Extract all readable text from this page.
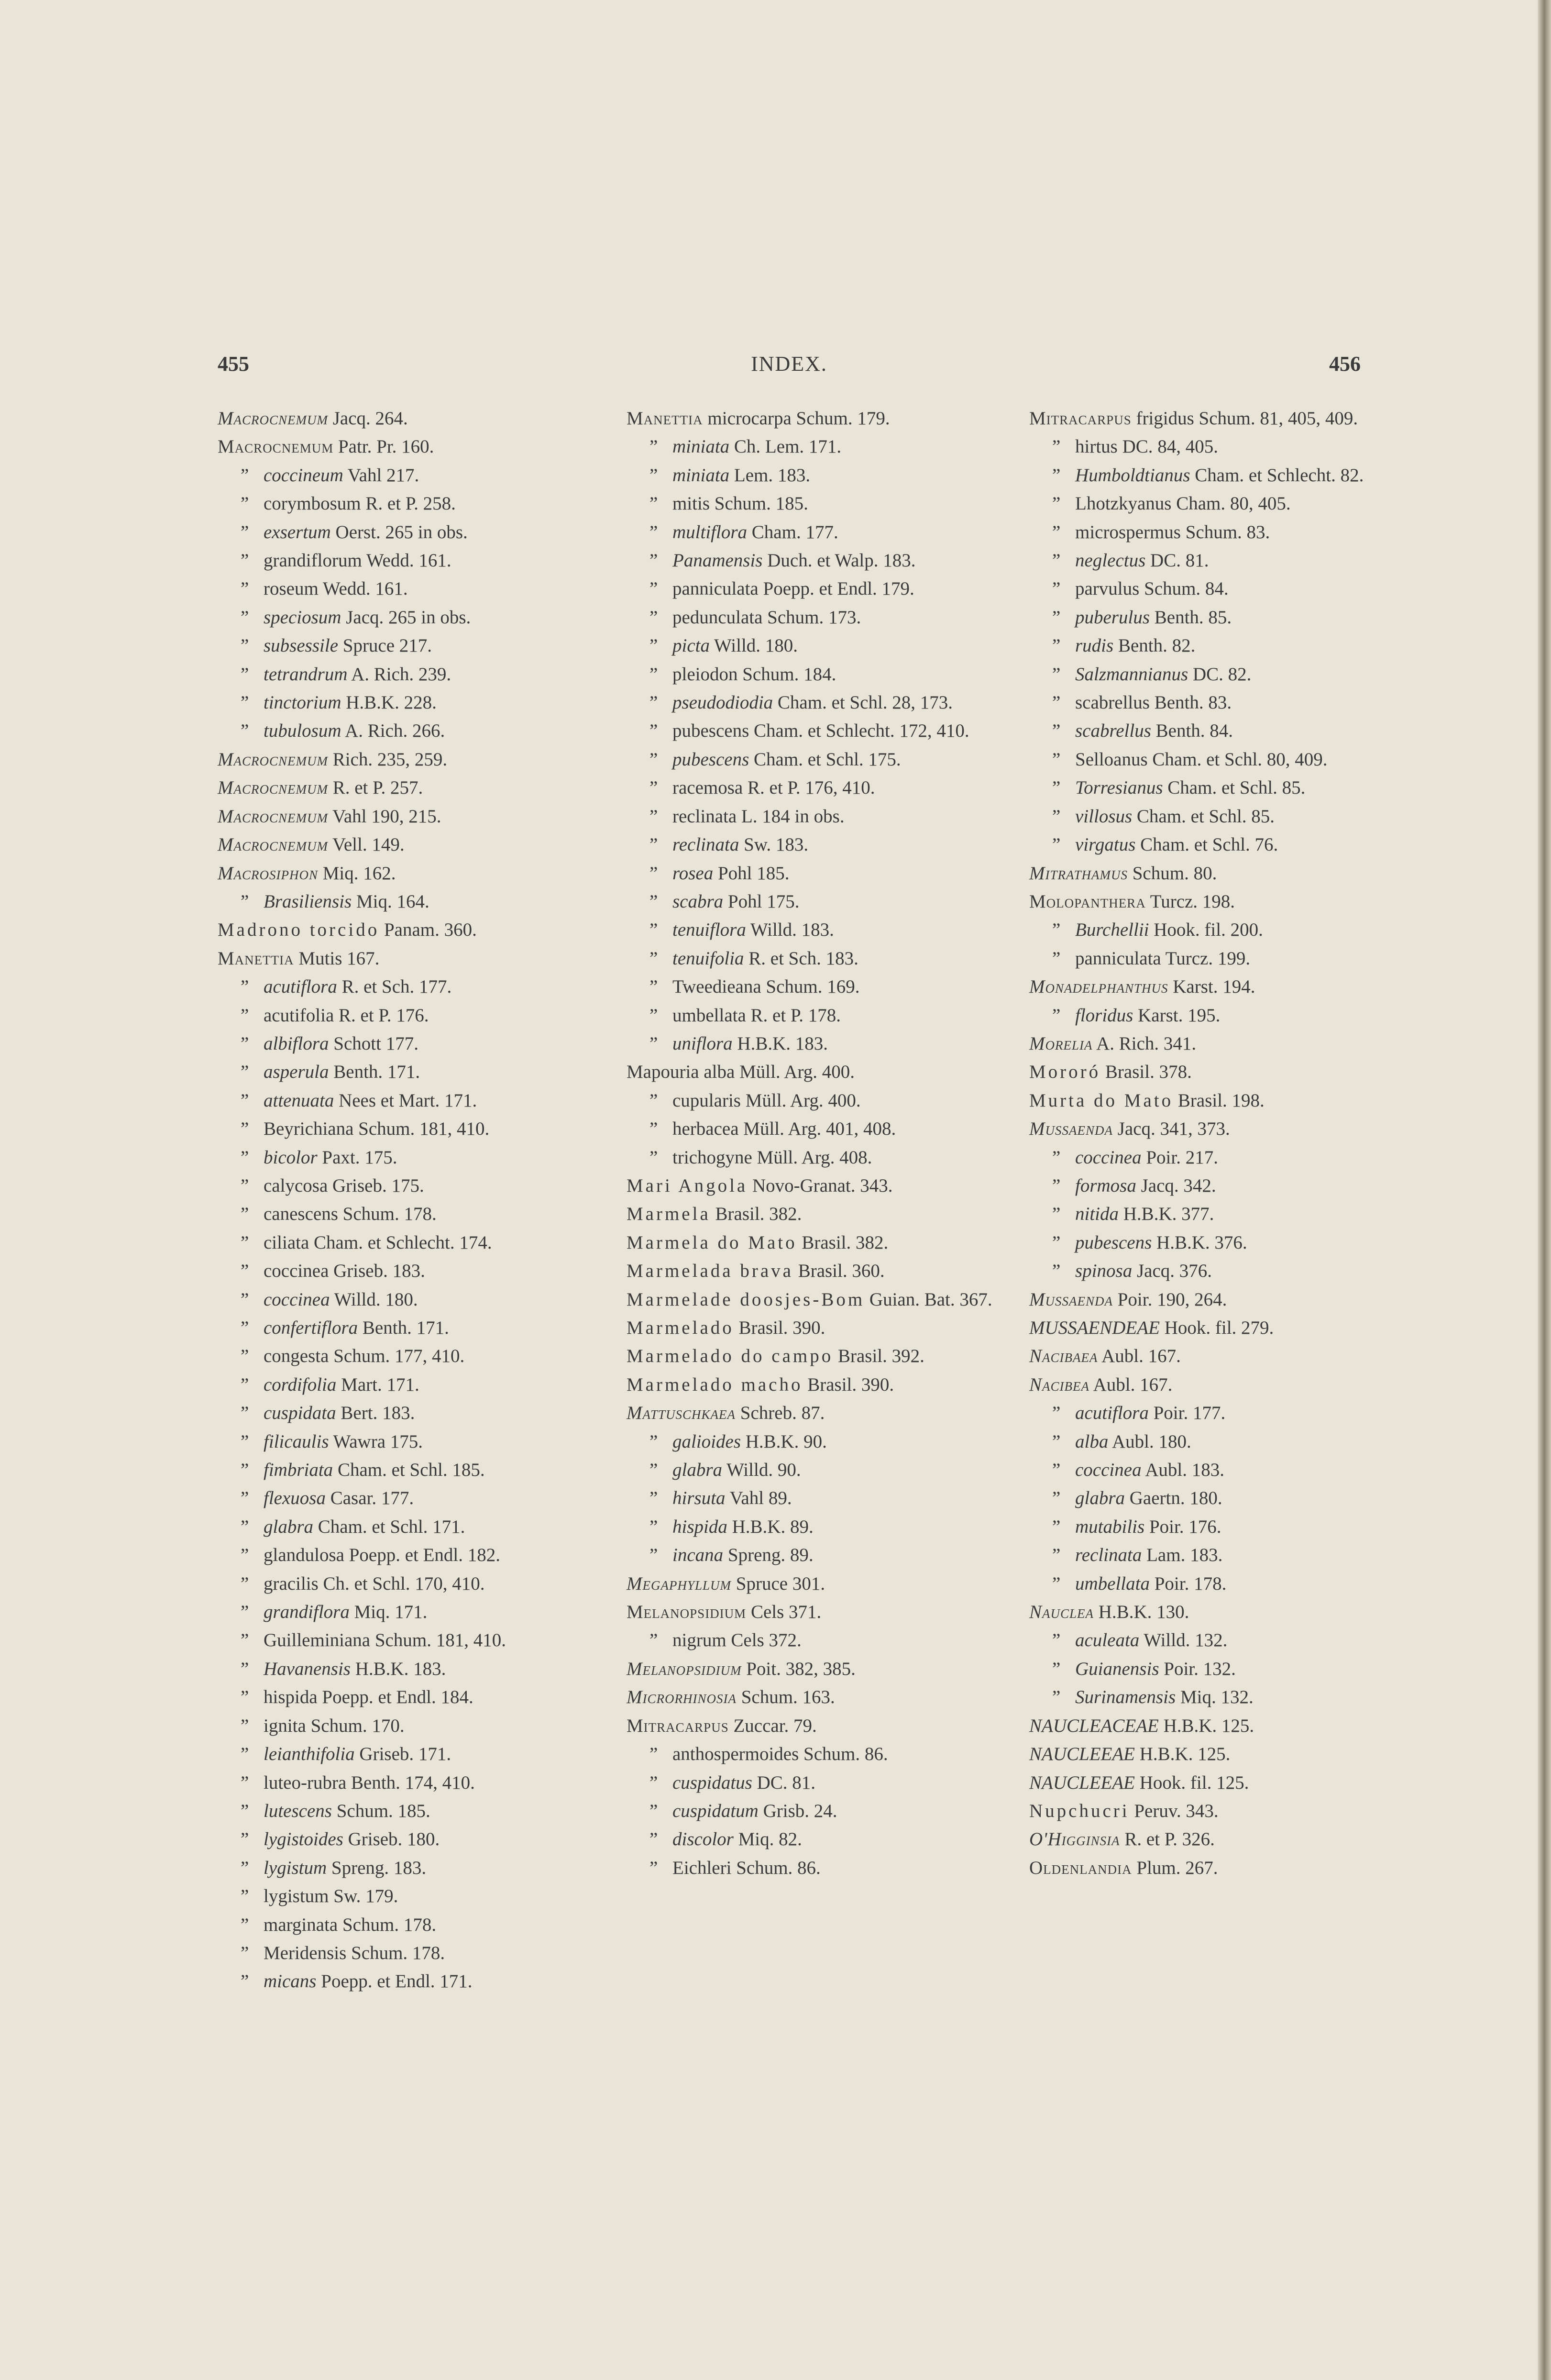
455	INDEX.	456
Macrocnemum Jacq. 264.
Macrocnemum Patr. Pr. 160.
” coccineum Vahl 217.
” corymbosum R. et P. 258.
” exsertum Oerst. 265 in obs.
” grandiflorum Wedd. 161.
” roseum Wedd. 161.
” speciosum Jacq. 265 in obs.
” subsessile Spruce 217.
” tetrandrum A. Rich. 239.
” tinctorium H.B.K. 228.
” tubulosum A. Rich. 266.
Macrocnemum Rich. 235, 259.
Macrocnemum R. et P. 257.
Macrocnemum Vahl 190, 215.
Macrocnemum Vell. 149.
Macrosiphon Miq. 162.
” Brasiliensis Miq. 164.
Madrono torcido Panam. 360.
Manettia Mutis 167.
” acutiflora R. et Sch. 177.
” acutifolia R. et P. 176.
” albiflora Schott 177.
” asperula Benth. 171.
” attenuata Nees et Mart. 171.
” Beyrichiana Schum. 181, 410.
” bicolor Paxt. 175.
” calycosa Griseb. 175.
” canescens Schum. 178.
” ciliata Cham. et Schlecht. 174.
” coccinea Griseb. 183.
” coccinea Willd. 180.
” confertiflora Benth. 171.
” congesta Schum. 177, 410.
” cordifolia Mart. 171.
” cuspidata Bert. 183.
” filicaulis Wawra 175.
” fimbriata Cham. et Schl. 185.
” flexuosa Casar. 177.
” glabra Cham. et Schl. 171.
” glandulosa Poepp. et Endl. 182.
” gracilis Ch. et Schl. 170, 410.
” grandiflora Miq. 171.
” Guilleminiana Schum. 181, 410.
” Havanensis H.B.K. 183.
” hispida Poepp. et Endl. 184.
” ignita Schum. 170.
” leianthifolia Griseb. 171.
” luteo-rubra Benth. 174, 410.
” lutescens Schum. 185.
” lygistoides Griseb. 180.
” lygistum Spreng. 183.
” lygistum Sw. 179.
” marginata Schum. 178.
” Meridensis Schum. 178.
” micans Poepp. et Endl. 171.
Manettia microcarpa Schum. 179.
” miniata Ch. Lem. 171.
” miniata Lem. 183.
” mitis Schum. 185.
” multiflora Cham. 177.
” Panamensis Duch. et Walp. 183.
” panniculata Poepp. et Endl. 179.
” pedunculata Schum. 173.
” picta Willd. 180.
” pleiodon Schum. 184.
” pseudodiodia Cham. et Schl. 28, 173.
” pubescens Cham. et Schlecht. 172, 410.
” pubescens Cham. et Schl. 175.
” racemosa R. et P. 176, 410.
” reclinata L. 184 in obs.
” reclinata Sw. 183.
” rosea Pohl 185.
” scabra Pohl 175.
” tenuiflora Willd. 183.
” tenuifolia R. et Sch. 183.
” Tweedieana Schum. 169.
” umbellata R. et P. 178.
” uniflora H.B.K. 183.
Mapouria alba Müll. Arg. 400.
” cupularis Müll. Arg. 400.
” herbacea Müll. Arg. 401, 408.
” trichogyne Müll. Arg. 408.
Mari Angola Novo-Granat. 343.
Marmela Brasil. 382.
Marmela do Mato Brasil. 382.
Marmelada brava Brasil. 360.
Marmelade doosjes-Bom Guian. Bat. 367.
Marmelado Brasil. 390.
Marmelado do campo Brasil. 392.
Marmelado macho Brasil. 390.
Mattuschkaea Schreb. 87.
” galioides H.B.K. 90.
” glabra Willd. 90.
” hirsuta Vahl 89.
” hispida H.B.K. 89.
” incana Spreng. 89.
Megaphyllum Spruce 301.
Melanopsidium Cels 371.
” nigrum Cels 372.
Melanopsidium Poit. 382, 385.
Microrhinosia Schum. 163.
Mitracarpus Zuccar. 79.
” anthospermoides Schum. 86.
” cuspidatus DC. 81.
” cuspidatum Grisb. 24.
” discolor Miq. 82.
” Eichleri Schum. 86.
Mitracarpus frigidus Schum. 81, 405, 409.
” hirtus DC. 84, 405.
” Humboldtianus Cham. et Schlecht. 82.
” Lhotzkyanus Cham. 80, 405.
” microspermus Schum. 83.
” neglectus DC. 81.
” parvulus Schum. 84.
” puberulus Benth. 85.
” rudis Benth. 82.
” Salzmannianus DC. 82.
” scabrellus Benth. 83.
” scabrellus Benth. 84.
” Selloanus Cham. et Schl. 80, 409.
” Torresianus Cham. et Schl. 85.
” villosus Cham. et Schl. 85.
” virgatus Cham. et Schl. 76.
Mitrathamus Schum. 80.
Molopanthera Turcz. 198.
” Burchellii Hook. fil. 200.
” panniculata Turcz. 199.
Monadelphanthus Karst. 194.
” floridus Karst. 195.
Morelia A. Rich. 341.
Mororó Brasil. 378.
Murta do Mato Brasil. 198.
Mussaenda Jacq. 341, 373.
” coccinea Poir. 217.
” formosa Jacq. 342.
” nitida H.B.K. 377.
” pubescens H.B.K. 376.
” spinosa Jacq. 376.
Mussaenda Poir. 190, 264.
MUSSAENDEAE Hook. fil. 279.
Nacibaea Aubl. 167.
Nacibea Aubl. 167.
” acutiflora Poir. 177.
” alba Aubl. 180.
” coccinea Aubl. 183.
” glabra Gaertn. 180.
” mutabilis Poir. 176.
” reclinata Lam. 183.
” umbellata Poir. 178.
Nauclea H.B.K. 130.
” aculeata Willd. 132.
” Guianensis Poir. 132.
” Surinamensis Miq. 132.
NAUCLEACEAE H.B.K. 125.
NAUCLEEAE H.B.K. 125.
NAUCLEEAE Hook. fil. 125.
Nupchucri Peruv. 343.
O'Higginsia R. et P. 326.
Oldenlandia Plum. 267.
